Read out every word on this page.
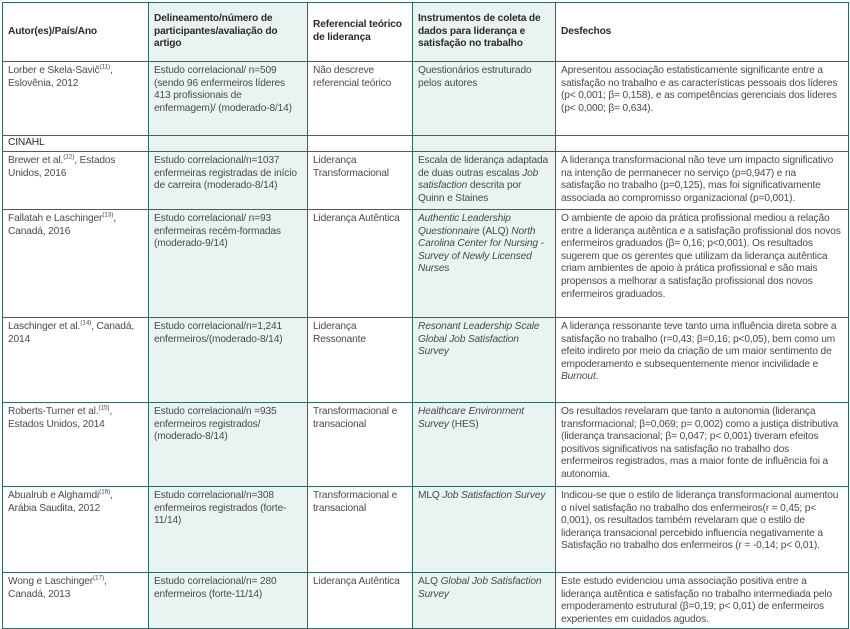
Autor(es)/País/Ano	Delineamento/número de participantes/avaliação do artigo	Referencial teórico de liderança	Instrumentos de coleta de dados para liderança e satisfação no trabalho	Desfechos
Lorber e Skela-Savič$^{(11)}$, Eslovênia, 2012	Estudo correlacional/ n=509 (sendo 96 enfermeiros líderes 413 profissionais de enfermagem)/ (moderado-8/14)	Não descreve referencial teórico	Questionários estruturado pelos autores	Apresentou associação estatisticamente significante entre a satisfação no trabalho e as características pessoais dos líderes (p< 0,001; β= 0,158), e as competências gerenciais dos líderes (p< 0,000; β= 0,634).
CINAHL				
Brewer et al.$^{(12)}$, Estados Unidos, 2016	Estudo correlacional/n=1037 enfermeiras registradas de início de carreira (moderado-8/14)	Liderança Transformacional	Escala de liderança adaptada de duas outras escalas Job satisfaction descrita por Quinn e Staines	A liderança transformacional não teve um impacto significativo na intenção de permanecer no serviço (p=0,947) e na satisfação no trabalho (p=0,125), mas foi significativamente associada ao compromisso organizacional (p=0,001).
Fallatah e Laschinger$^{(13)}$, Canadá, 2016	Estudo correlacional/ n=93 enfermeiras recém-formadas (moderado-9/14)	Liderança Autêntica	Authentic Leadership Questionnaire (ALQ) North Carolina Center for Nursing - Survey of Newly Licensed Nurses	O ambiente de apoio da prática profissional mediou a relação entre a liderança autêntica e a satisfação profissional dos novos enfermeiros graduados (β= 0,16; p<0,001). Os resultados sugerem que os gerentes que utilizam da liderança autêntica criam ambientes de apoio à prática profissional e são mais propensos a melhorar a satisfação profissional dos novos enfermeiros graduados.
Laschinger et al.$^{(14)}$, Canadá, 2014	Estudo correlacional/n=1,241 enfermeiros/(moderado-8/14)	Liderança Ressonante	Resonant Leadership Scale Global Job Satisfaction Survey	A liderança ressonante teve tanto uma influência direta sobre a satisfação no trabalho (r=0,43; β=0,16; p<0,05), bem como um efeito indireto por meio da criação de um maior sentimento de empoderamento e subsequentemente menor incivilidade e Burnout.
Roberts-Turner et al.$^{(15)}$, Estados Unidos, 2014	Estudo correlacional/n =935 enfermeiros registrados/ (moderado-8/14)	Transformacional e transacional	Healthcare Environment Survey (HES)	Os resultados revelaram que tanto a autonomia (liderança transformacional; β=0,069; p= 0,002) como a justiça distributiva (liderança transacional; β= 0,047; p< 0,001) tiveram efeitos positivos significativos na satisfação no trabalho dos enfermeiros registrados, mas a maior fonte de influência foi a autonomia.
Abualrub e Alghamdi$^{(16)}$, Arábia Saudita, 2012	Estudo correlacional/n=308 enfermeiros registrados (forte-11/14)	Transformacional e transacional	MLQ Job Satisfaction Survey	Indicou-se que o estilo de liderança transformacional aumentou o nível satisfação no trabalho dos enfermeiros(r = 0,45; p< 0,001), os resultados também revelaram que o estilo de liderança transacional percebido influencia negativamente a Satisfação no trabalho dos enfermeiros (r = -0,14; p< 0,01).
Wong e Laschinger$^{(17)}$, Canadá, 2013	Estudo correlacional/n= 280 enfermeiros (forte-11/14)	Liderança Autêntica	ALQ Global Job Satisfaction Survey	Este estudo evidenciou uma associação positiva entre a liderança autêntica e satisfação no trabalho intermediada pelo empoderamento estrutural (β=0,19; p< 0,01) de enfermeiros experientes em cuidados agudos.
